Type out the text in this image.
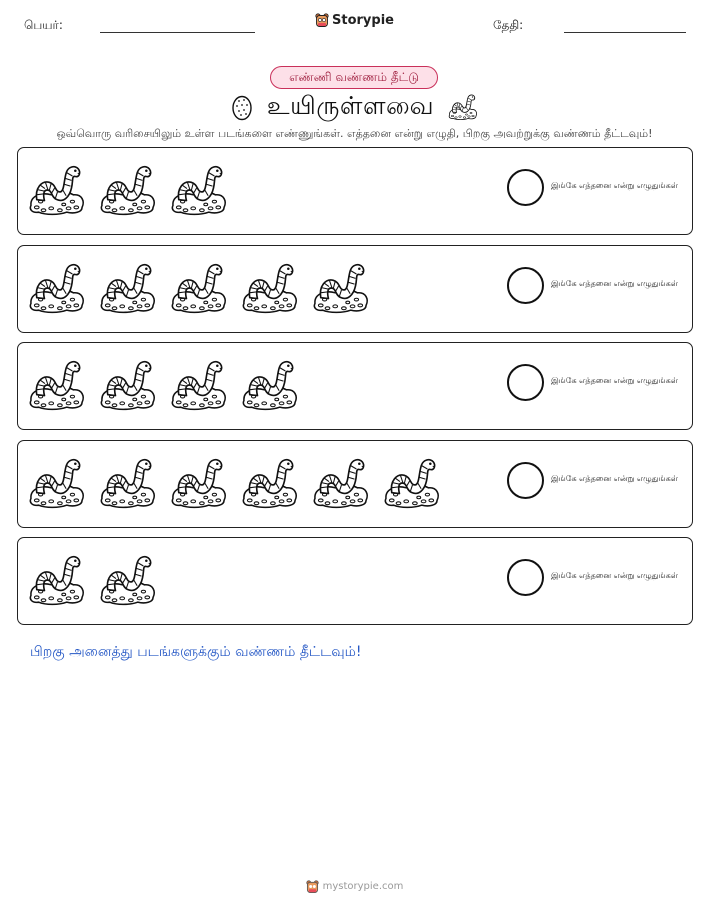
பெயர்:	Storypie	தேதி:
எண்ணி வண்ணம் தீட்டு
உயிருள்ளவை
ஒவ்வொரு வரிசையிலும் உள்ள படங்களை எண்ணுங்கள். எத்தனை என்று எழுதி, பிறகு அவற்றுக்கு வண்ணம் தீட்டவும்!
இங்கே எத்தனை என்று எழுதுங்கள்
இங்கே எத்தனை என்று எழுதுங்கள்
இங்கே எத்தனை என்று எழுதுங்கள்
இங்கே எத்தனை என்று எழுதுங்கள்
இங்கே எத்தனை என்று எழுதுங்கள்
பிறகு அனைத்து படங்களுக்கும் வண்ணம் தீட்டவும்!
mystorypie.com
